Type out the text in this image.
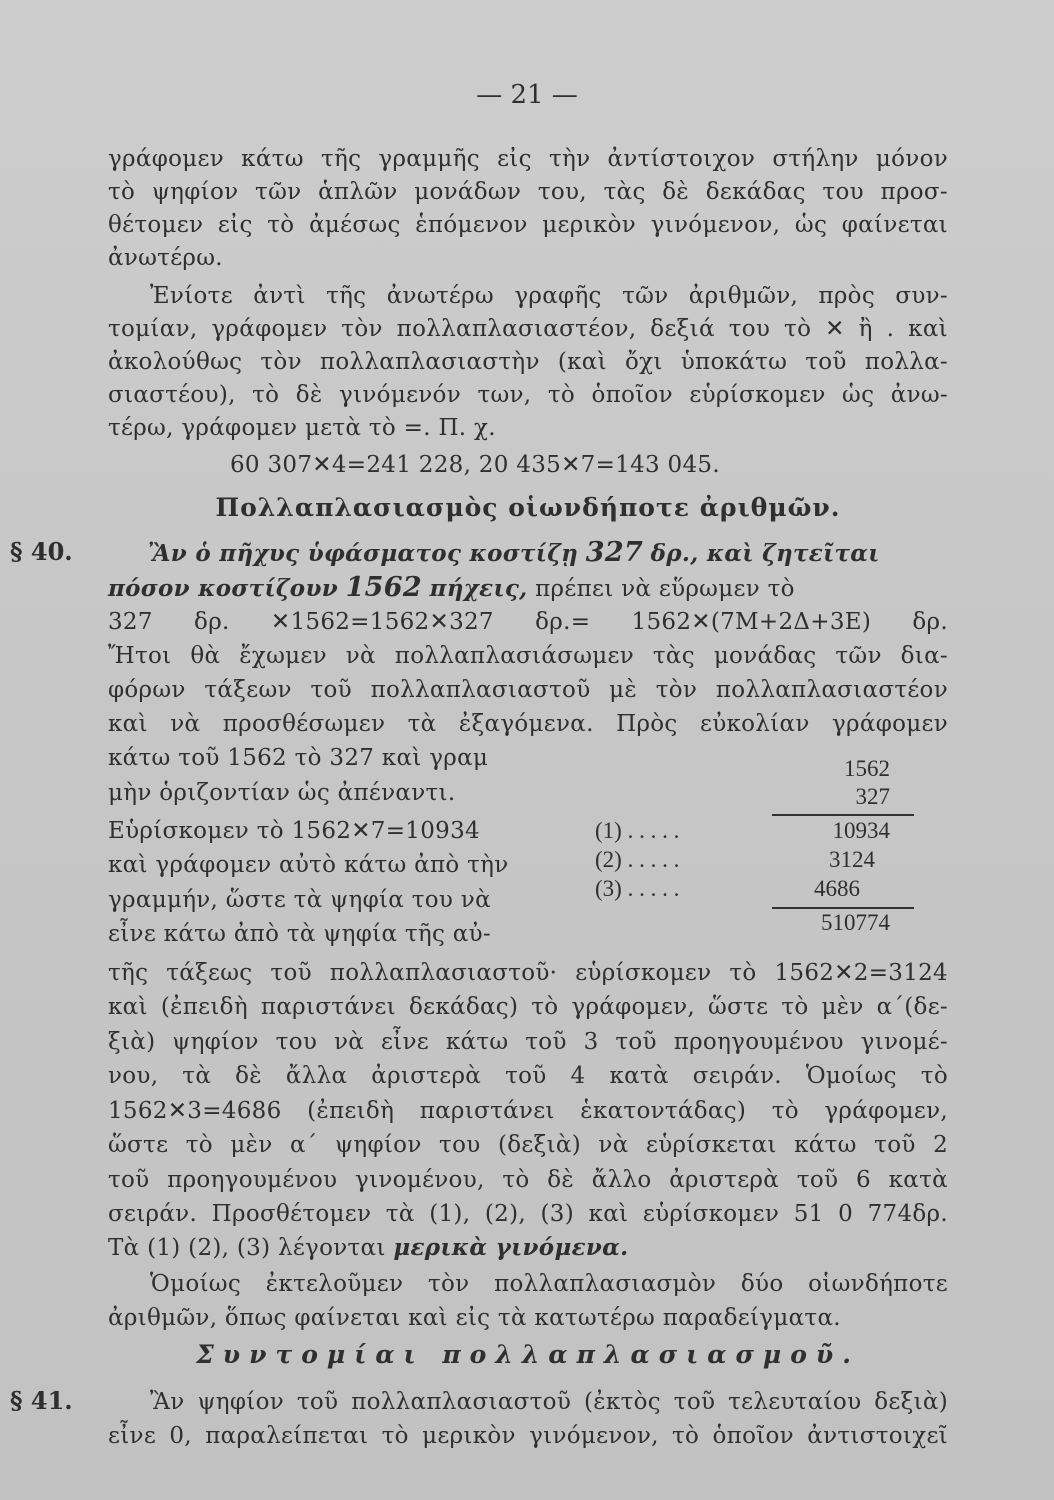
— 21 —
γράφομεν κάτω τῆς γραμμῆς εἰς τὴν ἀντίστοιχον στήλην μόνον
τὸ ψηφίον τῶν ἁπλῶν μονάδων του, τὰς δὲ δεκάδας του προσ-
θέτομεν εἰς τὸ ἀμέσως ἑπόμενον μερικὸν γινόμενον, ὡς φαίνεται
ἀνωτέρω.
Ἐνίοτε ἀντὶ τῆς ἀνωτέρω γραφῆς τῶν ἀριθμῶν, πρὸς συν-
τομίαν, γράφομεν τὸν πολλαπλασιαστέον, δεξιά του τὸ ✕ ἢ . καὶ
ἀκολούθως τὸν πολλαπλασιαστὴν (καὶ ὄχι ὑποκάτω τοῦ πολλα-
σιαστέου), τὸ δὲ γινόμενόν των, τὸ ὁποῖον εὑρίσκομεν ὡς ἀνω-
τέρω, γράφομεν μετὰ τὸ =. Π. χ.
60 307✕4=241 228, 20 435✕7=143 045.
Πολλαπλασιασμὸς οἱωνδήποτε ἀριθμῶν.
§ 40.	Ἂν ὁ πῆχυς ὑφάσματος κοστίζῃ 327 δρ., καὶ ζητεῖται
πόσον κοστίζουν 1562 πήχεις, πρέπει νὰ εὕρωμεν τὸ
327 δρ. ✕1562=1562✕327 δρ.= 1562✕(7Μ+2Δ+3Ε) δρ.
Ἤτοι θὰ ἔχωμεν νὰ πολλαπλασιάσωμεν τὰς μονάδας τῶν δια-
φόρων τάξεων τοῦ πολλαπλασιαστοῦ μὲ τὸν πολλαπλασιαστέον
καὶ νὰ προσθέσωμεν τὰ ἐξαγόμενα. Πρὸς εὐκολίαν γράφομεν
κάτω τοῦ 1562 τὸ 327 καὶ γραμ
μὴν ὁριζοντίαν ὡς ἀπέναντι.
Εὑρίσκομεν τὸ 1562✕7=10934
καὶ γράφομεν αὐτὸ κάτω ἀπὸ τὴν
γραμμήν, ὥστε τὰ ψηφία του νὰ
εἶνε κάτω ἀπὸ τὰ ψηφία τῆς αὐ-
1562
327
(1) . . . . .	10934
(2) . . . . .	3124
(3) . . . . .	4686
510774
τῆς τάξεως τοῦ πολλαπλασιαστοῦ· εὑρίσκομεν τὸ 1562✕2=3124
καὶ (ἐπειδὴ παριστάνει δεκάδας) τὸ γράφομεν, ὥστε τὸ μὲν α΄(δε-
ξιὰ) ψηφίον του νὰ εἶνε κάτω τοῦ 3 τοῦ προηγουμένου γινομέ-
νου, τὰ δὲ ἄλλα ἀριστερὰ τοῦ 4 κατὰ σειράν. Ὁμοίως τὸ
1562✕3=4686 (ἐπειδὴ παριστάνει ἑκατοντάδας) τὸ γράφομεν,
ὥστε τὸ μὲν α΄ ψηφίον του (δεξιὰ) νὰ εὑρίσκεται κάτω τοῦ 2
τοῦ προηγουμένου γινομένου, τὸ δὲ ἄλλο ἀριστερὰ τοῦ 6 κατὰ
σειράν. Προσθέτομεν τὰ (1), (2), (3) καὶ εὑρίσκομεν 51 0 774δρ.
Τὰ (1) (2), (3) λέγονται μερικὰ γινόμενα.
Ὁμοίως ἐκτελοῦμεν τὸν πολλαπλασιασμὸν δύο οἱωνδήποτε
ἀριθμῶν, ὅπως φαίνεται καὶ εἰς τὰ κατωτέρω παραδείγματα.
Συντομίαι πολλαπλασιασμοῦ.
§ 41.	Ἂν ψηφίον τοῦ πολλαπλασιαστοῦ (ἐκτὸς τοῦ τελευταίου δεξιὰ)
εἶνε 0, παραλείπεται τὸ μερικὸν γινόμενον, τὸ ὁποῖον ἀντιστοιχεῖ
